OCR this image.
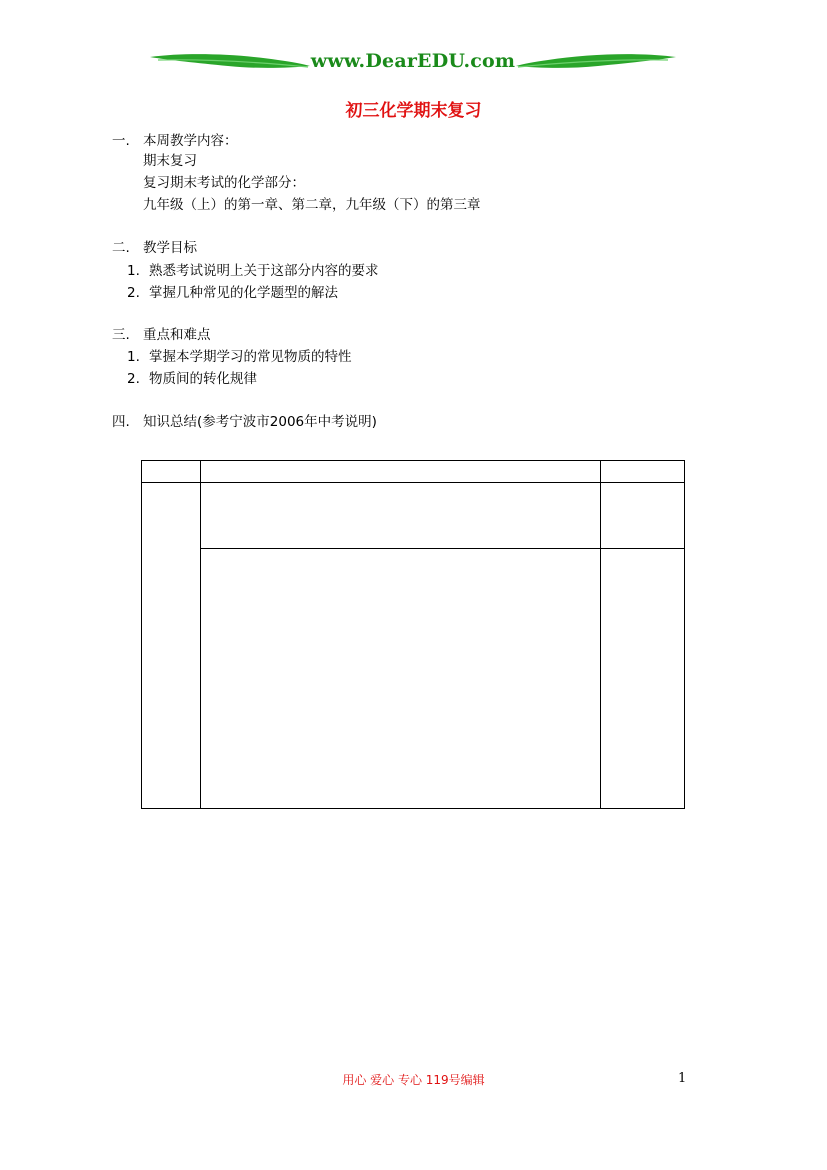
www.DearEDU.com
初三化学期末复习
一. 本周教学内容：
期末复习
复习期末考试的化学部分：
九年级（上）的第一章、第二章，九年级（下）的第三章
二. 教学目标
1. 熟悉考试说明上关于这部分内容的要求
2. 掌握几种常见的化学题型的解法
三. 重点和难点
1. 掌握本学期学习的常见物质的特性
2. 物质间的转化规律
四. 知识总结(参考宁波市2006年中考说明)

用心 爱心 专心 119号编辑	1
